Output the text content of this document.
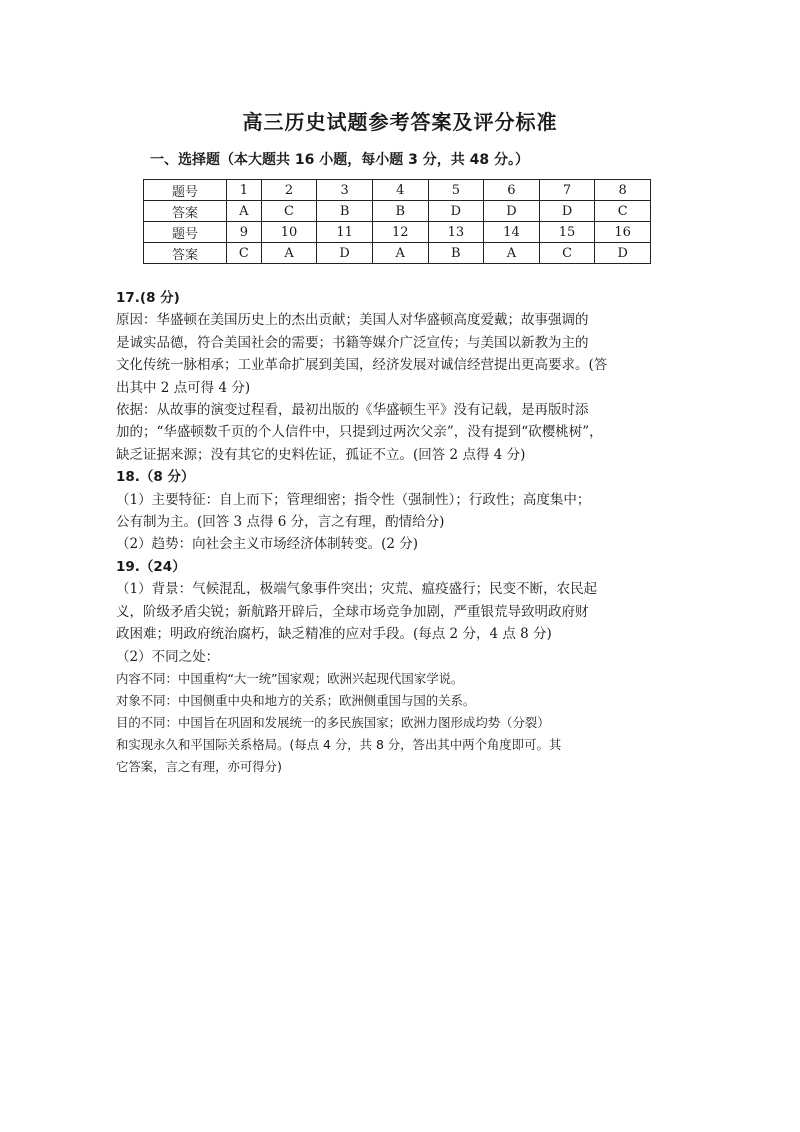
高三历史试题参考答案及评分标准
一、选择题（本大题共 16 小题，每小题 3 分，共 48 分。）
题号	1	2	3	4	5	6	7	8
答案	A	C	B	B	D	D	D	C
题号	9	10	11	12	13	14	15	16
答案	C	A	D	A	B	A	C	D

17.(8 分)

原因：华盛顿在美国历史上的杰出贡献；美国人对华盛顿高度爱戴；故事强调的

是诚实品德，符合美国社会的需要；书籍等媒介广泛宣传；与美国以新教为主的

文化传统一脉相承；工业革命扩展到美国，经济发展对诚信经营提出更高要求。(答

出其中 2 点可得 4 分)

依据：从故事的演变过程看，最初出版的《华盛顿生平》没有记载，是再版时添

加的；“华盛顿数千页的个人信件中，只提到过两次父亲”，没有提到“砍樱桃树”，

缺乏证据来源；没有其它的史料佐证，孤证不立。(回答 2 点得 4 分)

18.（8 分）

（1）主要特征：自上而下；管理细密；指令性（强制性）；行政性；高度集中；

公有制为主。(回答 3 点得 6 分，言之有理，酌情给分)

（2）趋势：向社会主义市场经济体制转变。(2 分)

19.（24）

（1）背景：气候混乱，极端气象事件突出；灾荒、瘟疫盛行；民变不断，农民起

义，阶级矛盾尖锐；新航路开辟后，全球市场竞争加剧，严重银荒导致明政府财

政困难；明政府统治腐朽，缺乏精准的应对手段。(每点 2 分，4 点 8 分)

（2）不同之处：

内容不同：中国重构“大一统”国家观；欧洲兴起现代国家学说。

对象不同：中国侧重中央和地方的关系；欧洲侧重国与国的关系。

目的不同：中国旨在巩固和发展统一的多民族国家；欧洲力图形成均势（分裂）

和实现永久和平国际关系格局。(每点 4 分，共 8 分，答出其中两个角度即可。其

它答案，言之有理，亦可得分)
